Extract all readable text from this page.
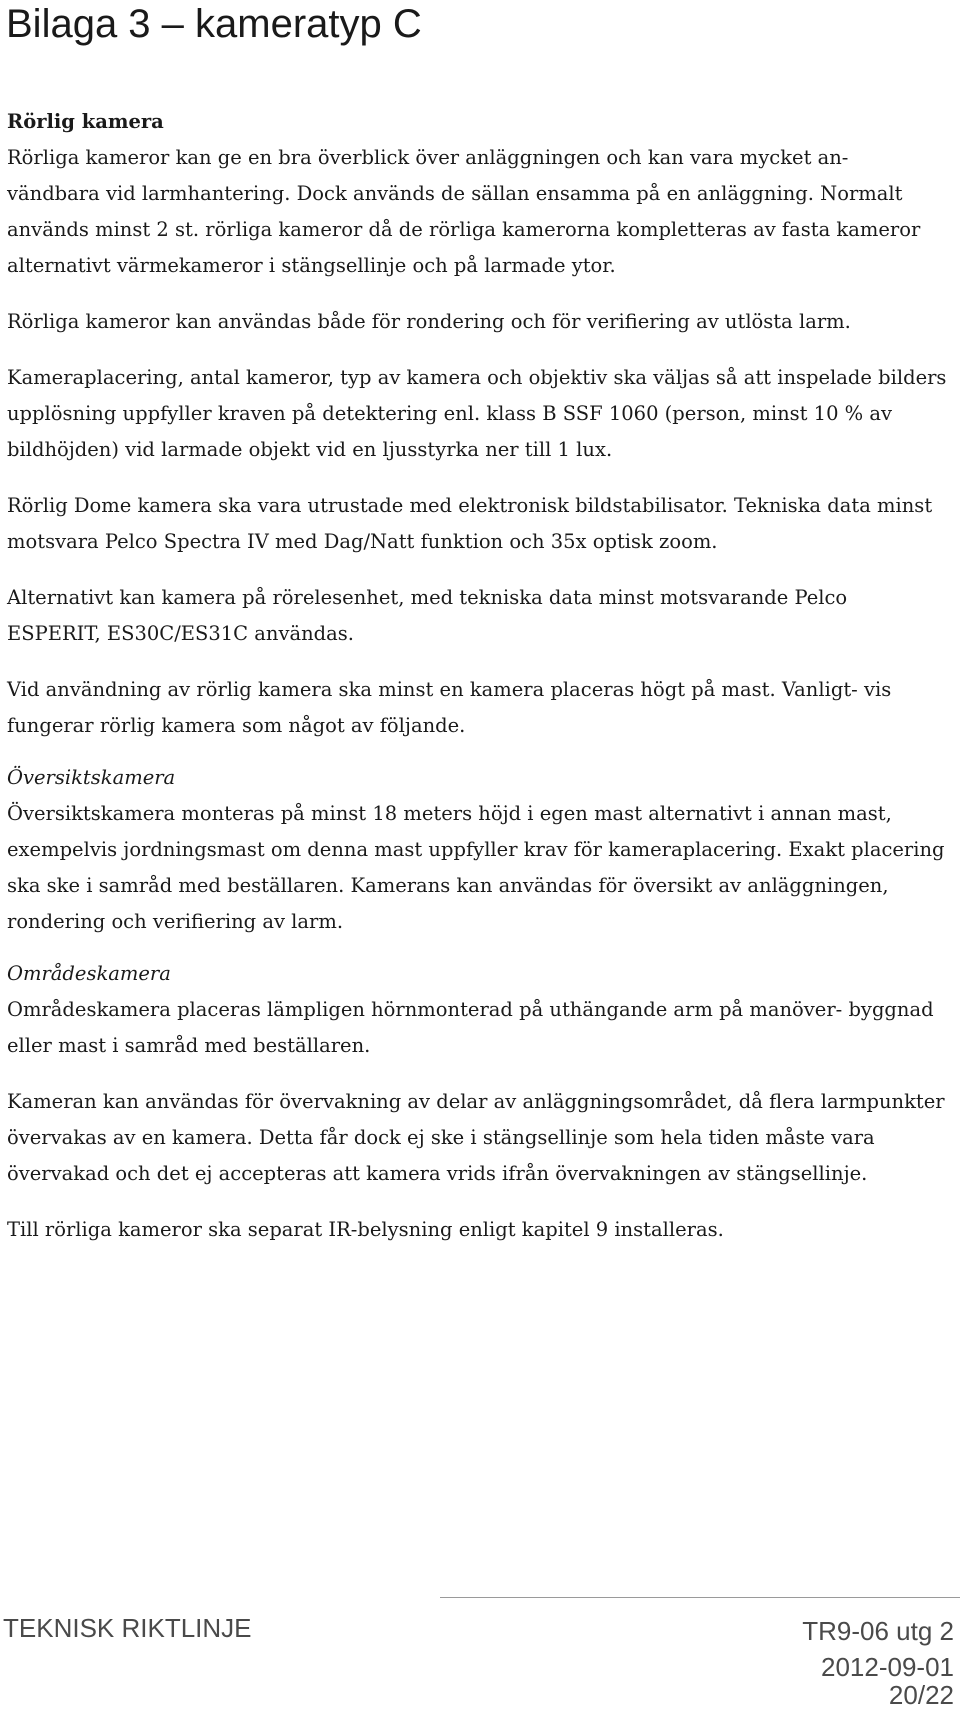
Bilaga 3 – kameratyp C

Rörlig kamera

Rörliga kameror kan ge en bra överblick över anläggningen och kan vara mycket an- vändbara vid larmhantering. Dock används de sällan ensamma på en anläggning. Normalt används minst 2 st. rörliga kameror då de rörliga kamerorna kompletteras av fasta kameror alternativt värmekameror i stängsellinje och på larmade ytor.

Rörliga kameror kan användas både för rondering och för verifiering av utlösta larm.

Kameraplacering, antal kameror, typ av kamera och objektiv ska väljas så att inspelade bilders upplösning uppfyller kraven på detektering enl. klass B SSF 1060 (person, minst 10 % av bildhöjden) vid larmade objekt vid en ljusstyrka ner till 1 lux.

Rörlig Dome kamera ska vara utrustade med elektronisk bildstabilisator. Tekniska data minst motsvara Pelco Spectra IV med Dag/Natt funktion och 35x optisk zoom.

Alternativt kan kamera på rörelesenhet, med tekniska data minst motsvarande Pelco ESPERIT, ES30C/ES31C användas.

Vid användning av rörlig kamera ska minst en kamera placeras högt på mast. Vanligt- vis fungerar rörlig kamera som något av följande.

Översiktskamera

Översiktskamera monteras på minst 18 meters höjd i egen mast alternativt i annan mast, exempelvis jordningsmast om denna mast uppfyller krav för kameraplacering. Exakt placering ska ske i samråd med beställaren. Kamerans kan användas för översikt av anläggningen, rondering och verifiering av larm.

Områdeskamera

Områdeskamera placeras lämpligen hörnmonterad på uthängande arm på manöver- byggnad eller mast i samråd med beställaren.

Kameran kan användas för övervakning av delar av anläggningsområdet, då flera larmpunkter övervakas av en kamera. Detta får dock ej ske i stängsellinje som hela tiden måste vara övervakad och det ej accepteras att kamera vrids ifrån övervakningen av stängsellinje.

Till rörliga kameror ska separat IR-belysning enligt kapitel 9 installeras.

TEKNISK RIKTLINJE	TR9-06 utg 2
2012-09-01
20/22
